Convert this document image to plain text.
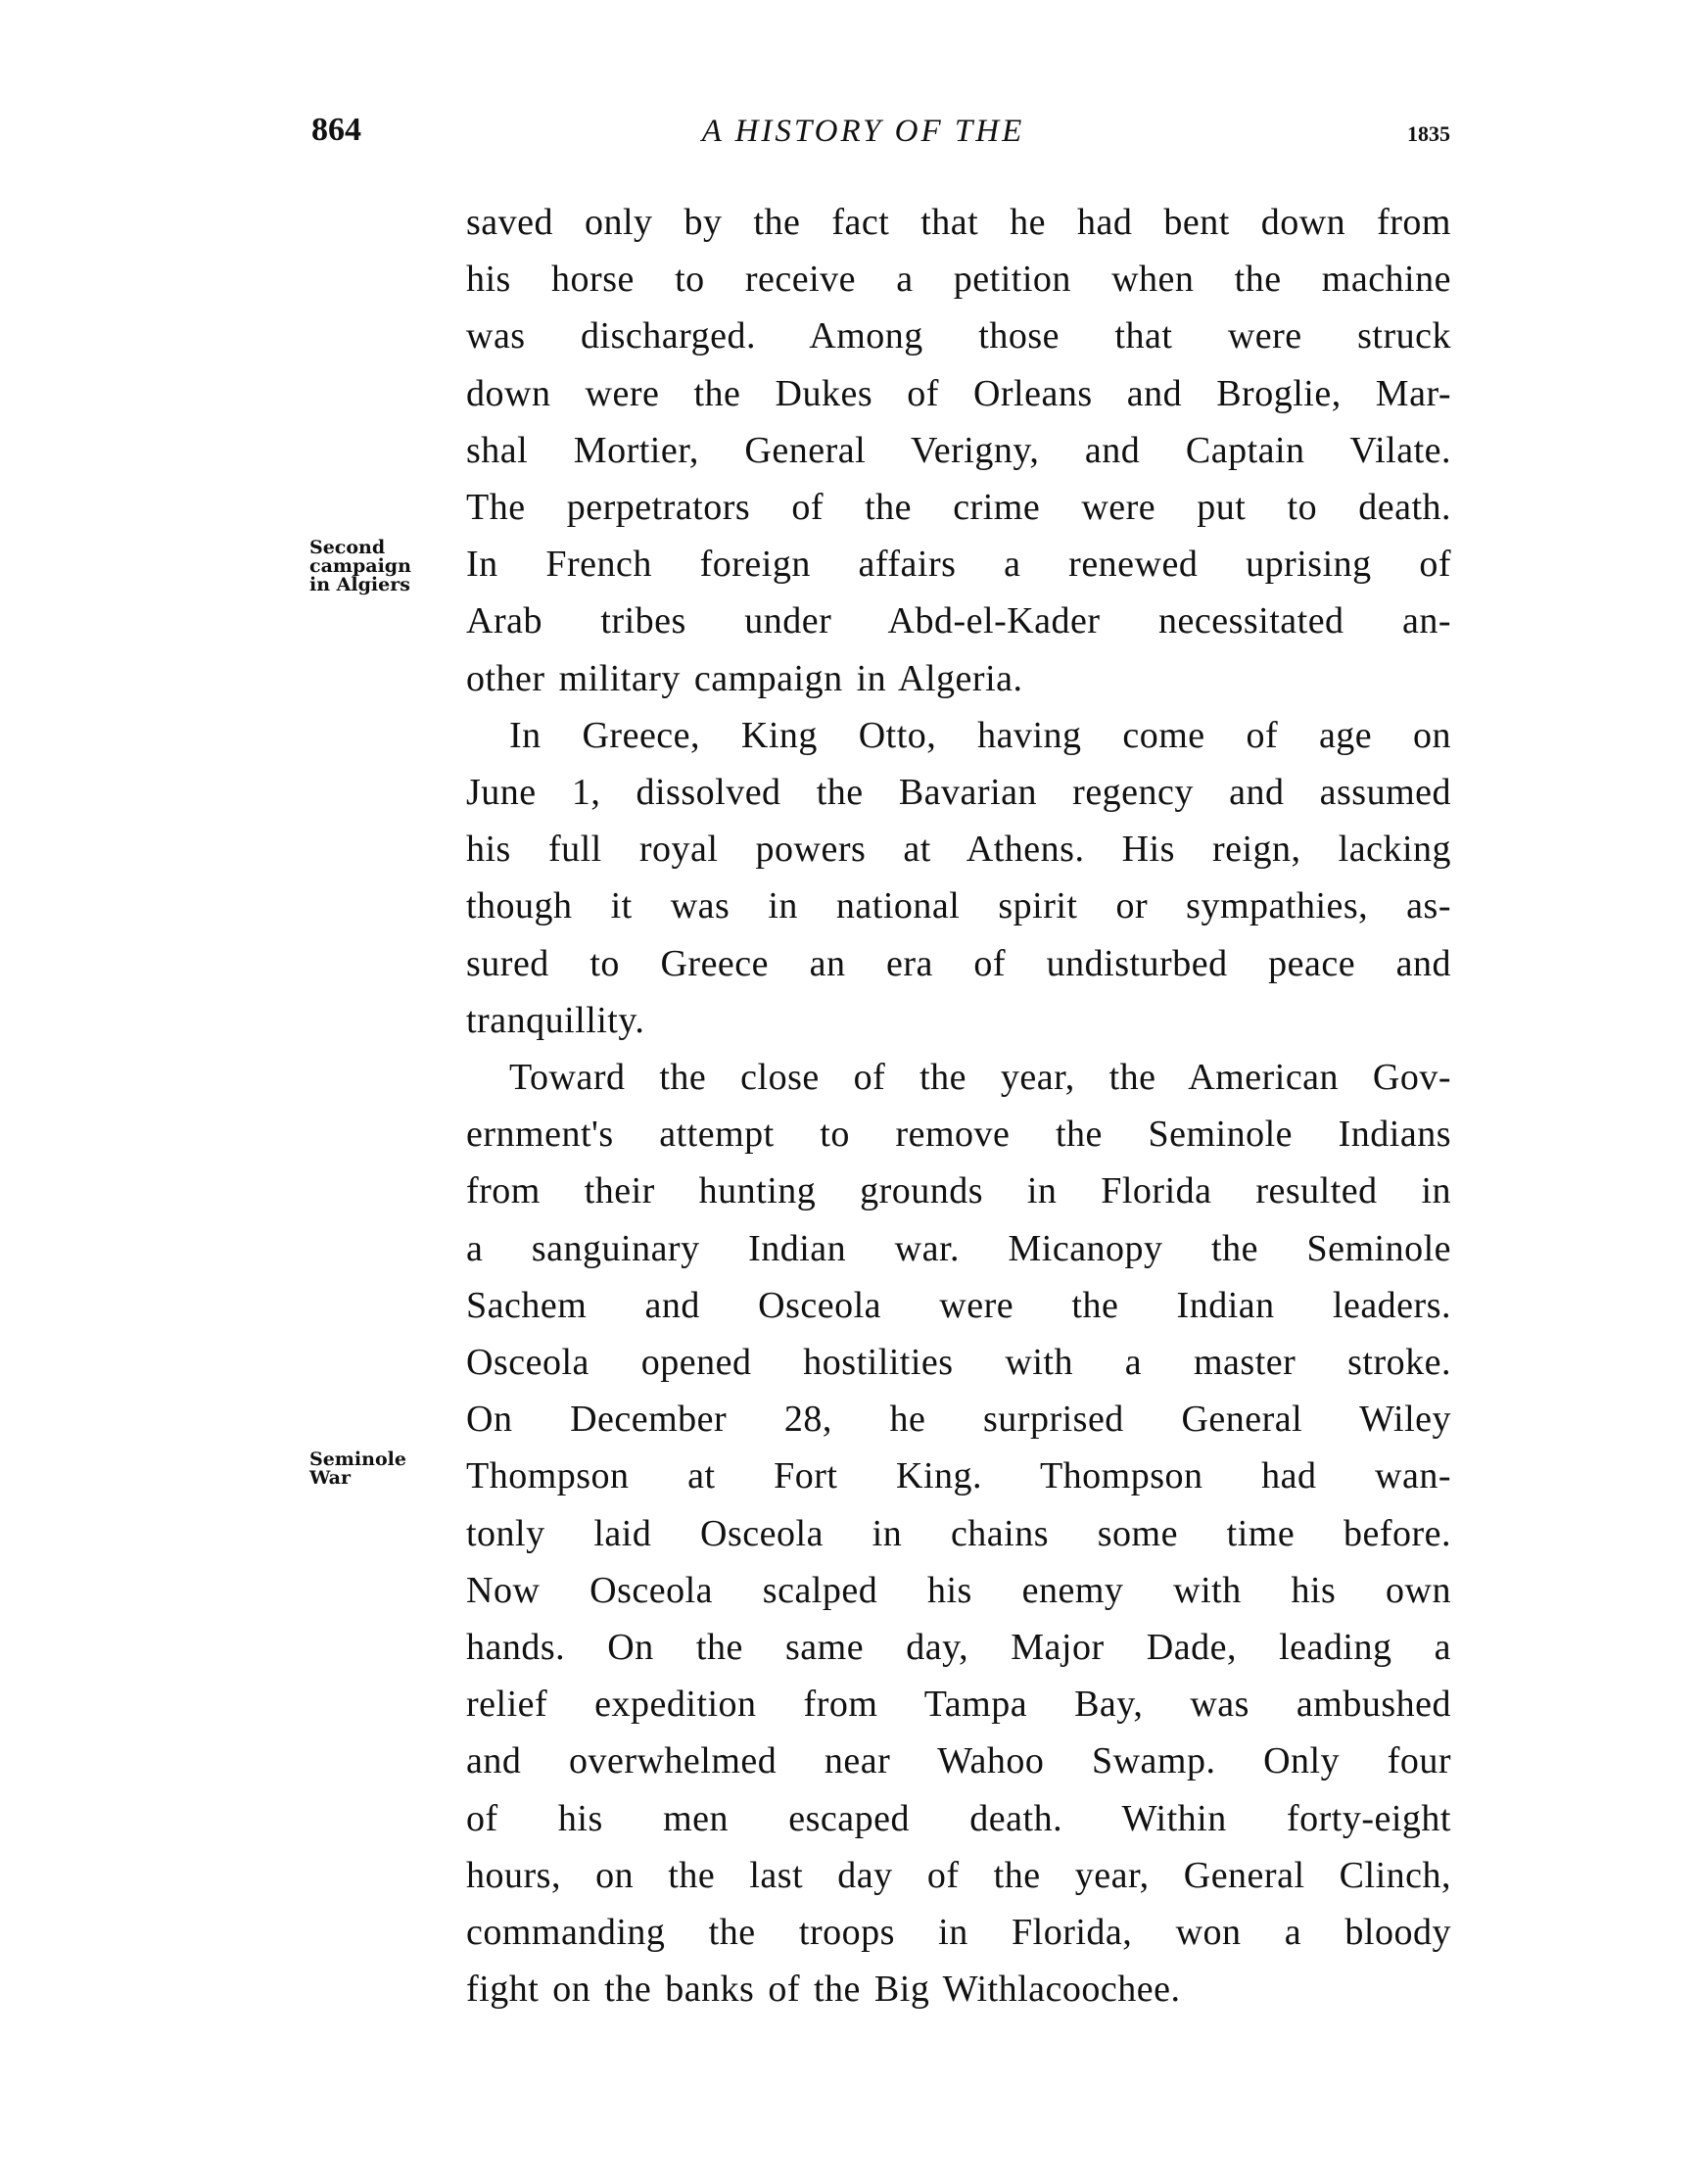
864	A HISTORY OF THE	1835
saved only by the fact that he had bent down from
his horse to receive a petition when the machine
was discharged. Among those that were struck
down were the Dukes of Orleans and Broglie, Mar-
shal Mortier, General Verigny, and Captain Vilate.
The perpetrators of the crime were put to death.
In French foreign affairs a renewed uprising of
Arab tribes under Abd-el-Kader necessitated an-
other military campaign in Algeria.
In Greece, King Otto, having come of age on
June 1, dissolved the Bavarian regency and assumed
his full royal powers at Athens. His reign, lacking
though it was in national spirit or sympathies, as-
sured to Greece an era of undisturbed peace and
tranquillity.
Toward the close of the year, the American Gov-
ernment's attempt to remove the Seminole Indians
from their hunting grounds in Florida resulted in
a sanguinary Indian war. Micanopy the Seminole
Sachem and Osceola were the Indian leaders.
Osceola opened hostilities with a master stroke.
On December 28, he surprised General Wiley
Thompson at Fort King. Thompson had wan-
tonly laid Osceola in chains some time before.
Now Osceola scalped his enemy with his own
hands. On the same day, Major Dade, leading a
relief expedition from Tampa Bay, was ambushed
and overwhelmed near Wahoo Swamp. Only four
of his men escaped death. Within forty-eight
hours, on the last day of the year, General Clinch,
commanding the troops in Florida, won a bloody
fight on the banks of the Big Withlacoochee.
Second
campaign
in Algiers
Seminole
War
